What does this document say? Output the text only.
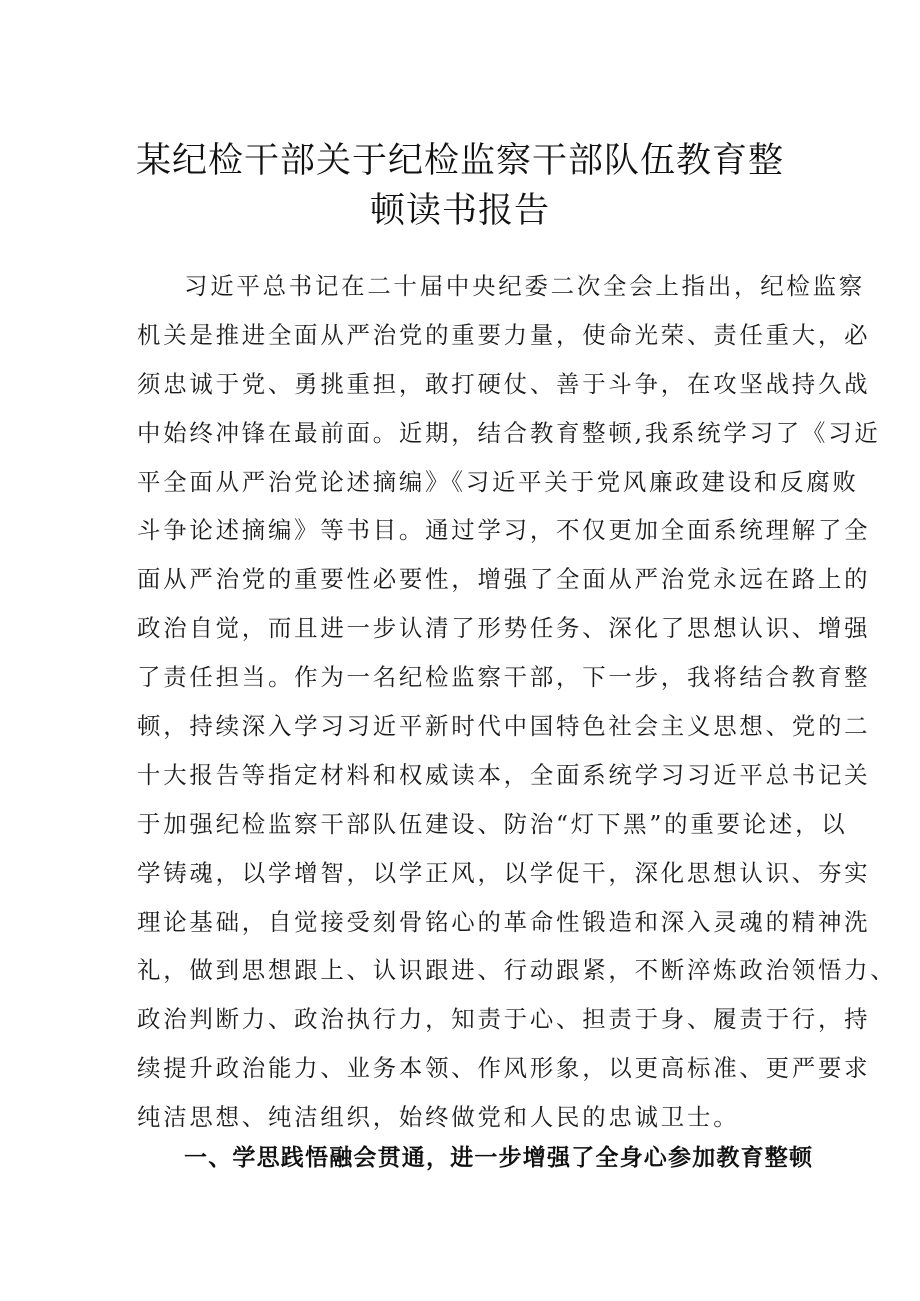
某纪检干部关于纪检监察干部队伍教育整
顿读书报告
习近平总书记在二十届中央纪委二次全会上指出，纪检监察
机关是推进全面从严治党的重要力量，使命光荣、责任重大，必
须忠诚于党、勇挑重担，敢打硬仗、善于斗争，在攻坚战持久战
中始终冲锋在最前面。近期，结合教育整顿,我系统学习了《习近
平全面从严治党论述摘编》《习近平关于党风廉政建设和反腐败
斗争论述摘编》等书目。通过学习，不仅更加全面系统理解了全
面从严治党的重要性必要性，增强了全面从严治党永远在路上的
政治自觉，而且进一步认清了形势任务、深化了思想认识、增强
了责任担当。作为一名纪检监察干部，下一步，我将结合教育整
顿，持续深入学习习近平新时代中国特色社会主义思想、党的二
十大报告等指定材料和权威读本，全面系统学习习近平总书记关
于加强纪检监察干部队伍建设、防治“灯下黑”的重要论述，以
学铸魂，以学增智，以学正风，以学促干，深化思想认识、夯实
理论基础，自觉接受刻骨铭心的革命性锻造和深入灵魂的精神洗
礼，做到思想跟上、认识跟进、行动跟紧，不断淬炼政治领悟力、
政治判断力、政治执行力，知责于心、担责于身、履责于行，持
续提升政治能力、业务本领、作风形象，以更高标准、更严要求
纯洁思想、纯洁组织，始终做党和人民的忠诚卫士。
一、学思践悟融会贯通，进一步增强了全身心参加教育整顿
